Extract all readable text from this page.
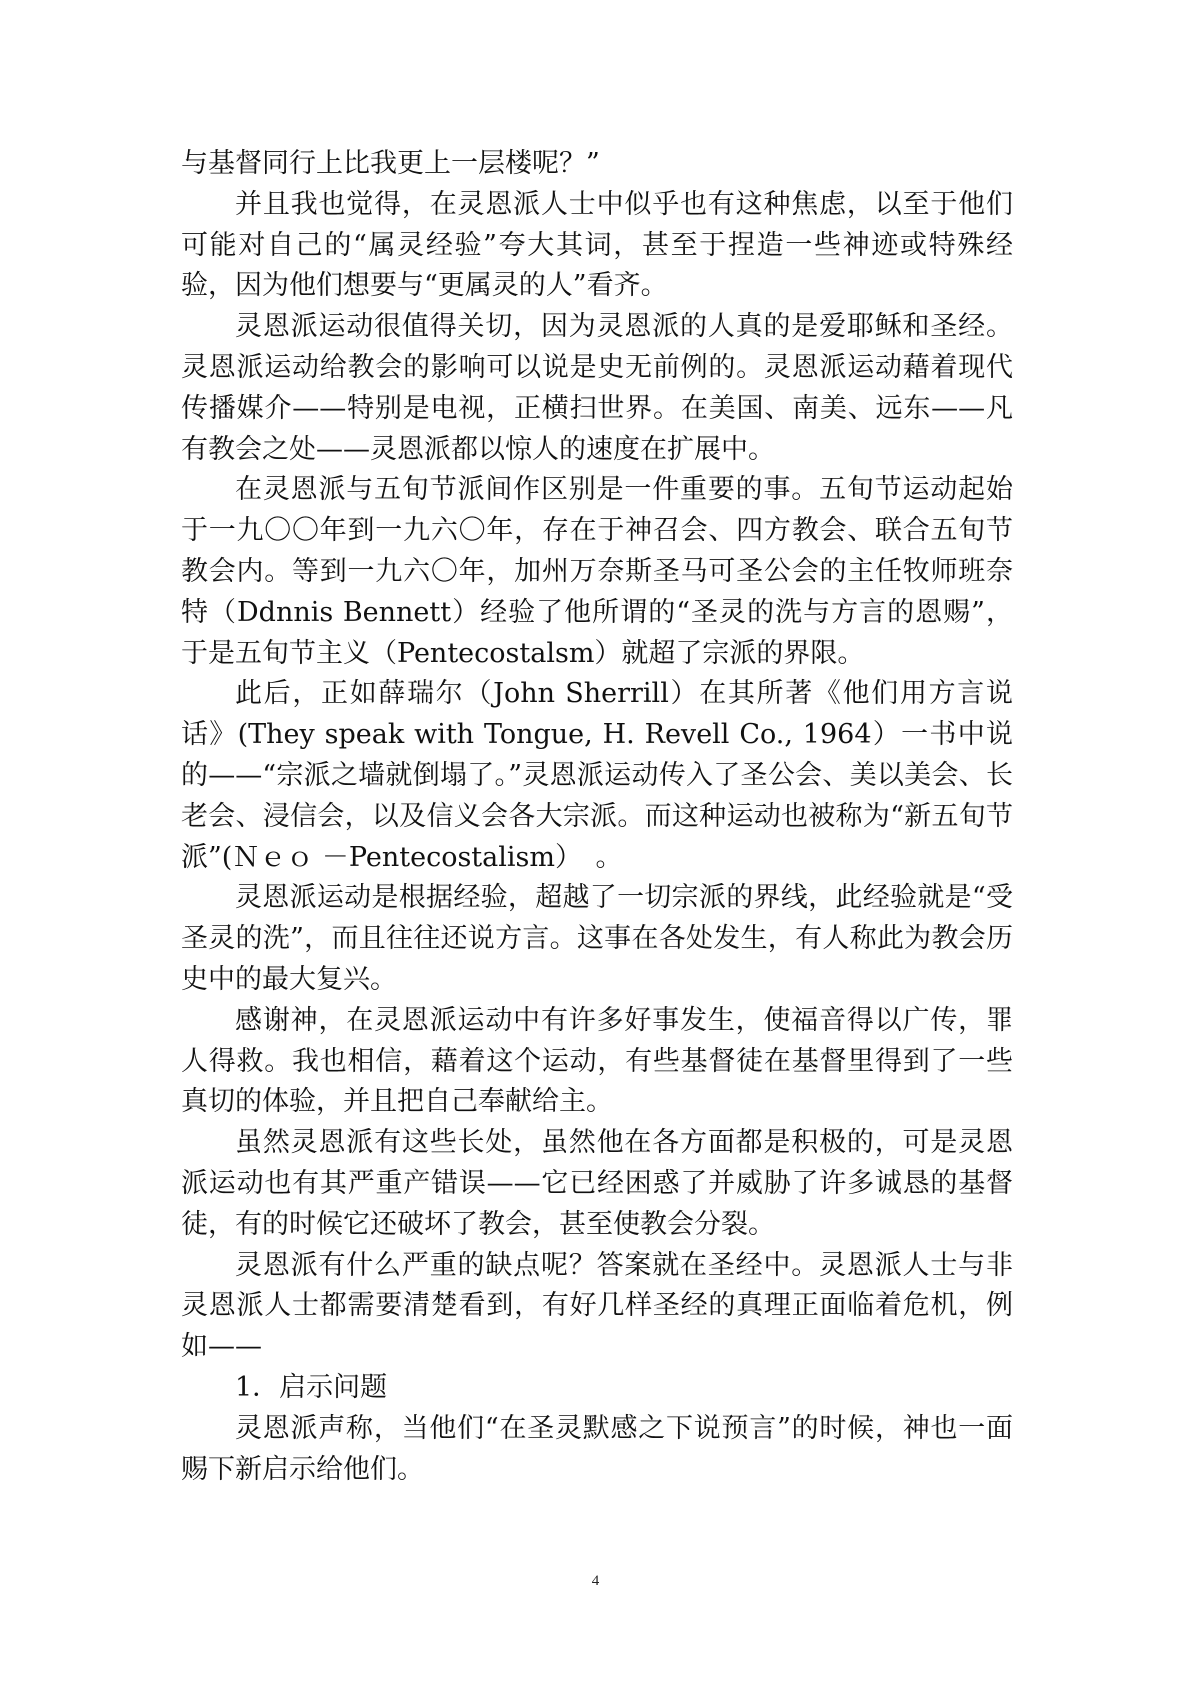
与基督同行上比我更上一层楼呢？”

并且我也觉得，在灵恩派人士中似乎也有这种焦虑，以至于他们可能对自己的“属灵经验”夸大其词，甚至于捏造一些神迹或特殊经验，因为他们想要与“更属灵的人”看齐。

灵恩派运动很值得关切，因为灵恩派的人真的是爱耶稣和圣经。灵恩派运动给教会的影响可以说是史无前例的。灵恩派运动藉着现代传播媒介——特别是电视，正横扫世界。在美国、南美、远东——凡有教会之处——灵恩派都以惊人的速度在扩展中。

在灵恩派与五旬节派间作区别是一件重要的事。五旬节运动起始于一九〇〇年到一九六〇年，存在于神召会、四方教会、联合五旬节教会内。等到一九六〇年，加州万奈斯圣马可圣公会的主任牧师班奈特（Ddnnis Bennett）经验了他所谓的“圣灵的洗与方言的恩赐”，于是五旬节主义（Pentecostalsm）就超了宗派的界限。

此后，正如薛瑞尔（John Sherrill）在其所著《他们用方言说话》(They speak with Tongue, H. Revell Co., 1964）一书中说的——“宗派之墙就倒塌了。”灵恩派运动传入了圣公会、美以美会、长老会、浸信会，以及信义会各大宗派。而这种运动也被称为“新五旬节派”(Ｎｅｏ －Pentecostalism）　。

灵恩派运动是根据经验，超越了一切宗派的界线，此经验就是“受圣灵的洗”，而且往往还说方言。这事在各处发生，有人称此为教会历史中的最大复兴。

感谢神，在灵恩派运动中有许多好事发生，使福音得以广传，罪人得救。我也相信，藉着这个运动，有些基督徒在基督里得到了一些真切的体验，并且把自己奉献给主。

虽然灵恩派有这些长处，虽然他在各方面都是积极的，可是灵恩派运动也有其严重产错误——它已经困惑了并威胁了许多诚恳的基督徒，有的时候它还破坏了教会，甚至使教会分裂。

灵恩派有什么严重的缺点呢？答案就在圣经中。灵恩派人士与非灵恩派人士都需要清楚看到，有好几样圣经的真理正面临着危机，例如——

1．启示问题

灵恩派声称，当他们“在圣灵默感之下说预言”的时候，神也一面赐下新启示给他们。

4
